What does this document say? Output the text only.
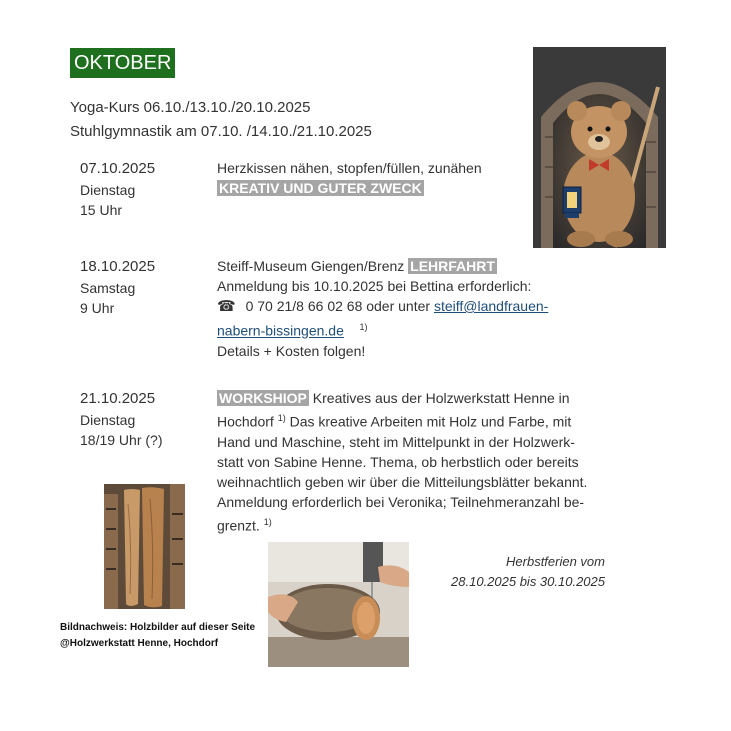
OKTOBER
Yoga-Kurs 06.10./13.10./20.10.2025
Stuhlgymnastik am 07.10. /14.10./21.10.2025
07.10.2025
Dienstag
15 Uhr
Herzkissen nähen, stopfen/füllen, zunähen
KREATIV UND GUTER ZWECK
18.10.2025
Samstag
9 Uhr
Steiff-Museum Giengen/Brenz LEHRFAHRT
Anmeldung bis 10.10.2025 bei Bettina erforderlich:
☎ 0 70 21/8 66 02 68 oder unter steiff@landfrauen-
nabern-bissingen.de $^{1)}$
Details + Kosten folgen!
21.10.2025
Dienstag
18/19 Uhr (?)
WORKSHIOP Kreatives aus der Holzwerkstatt Henne in
Hochdorf $^{1)}$ Das kreative Arbeiten mit Holz und Farbe, mit
Hand und Maschine, steht im Mittelpunkt in der Holzwerk-
statt von Sabine Henne. Thema, ob herbstlich oder bereits
weihnachtlich geben wir über die Mitteilungsblätter bekannt.
Anmeldung erforderlich bei Veronika; Teilnehmeranzahl be-
grenzt. $^{1)}$
Bildnachweis: Holzbilder auf dieser Seite
@Holzwerkstatt Henne, Hochdorf
Herbstferien vom
28.10.2025 bis 30.10.2025
